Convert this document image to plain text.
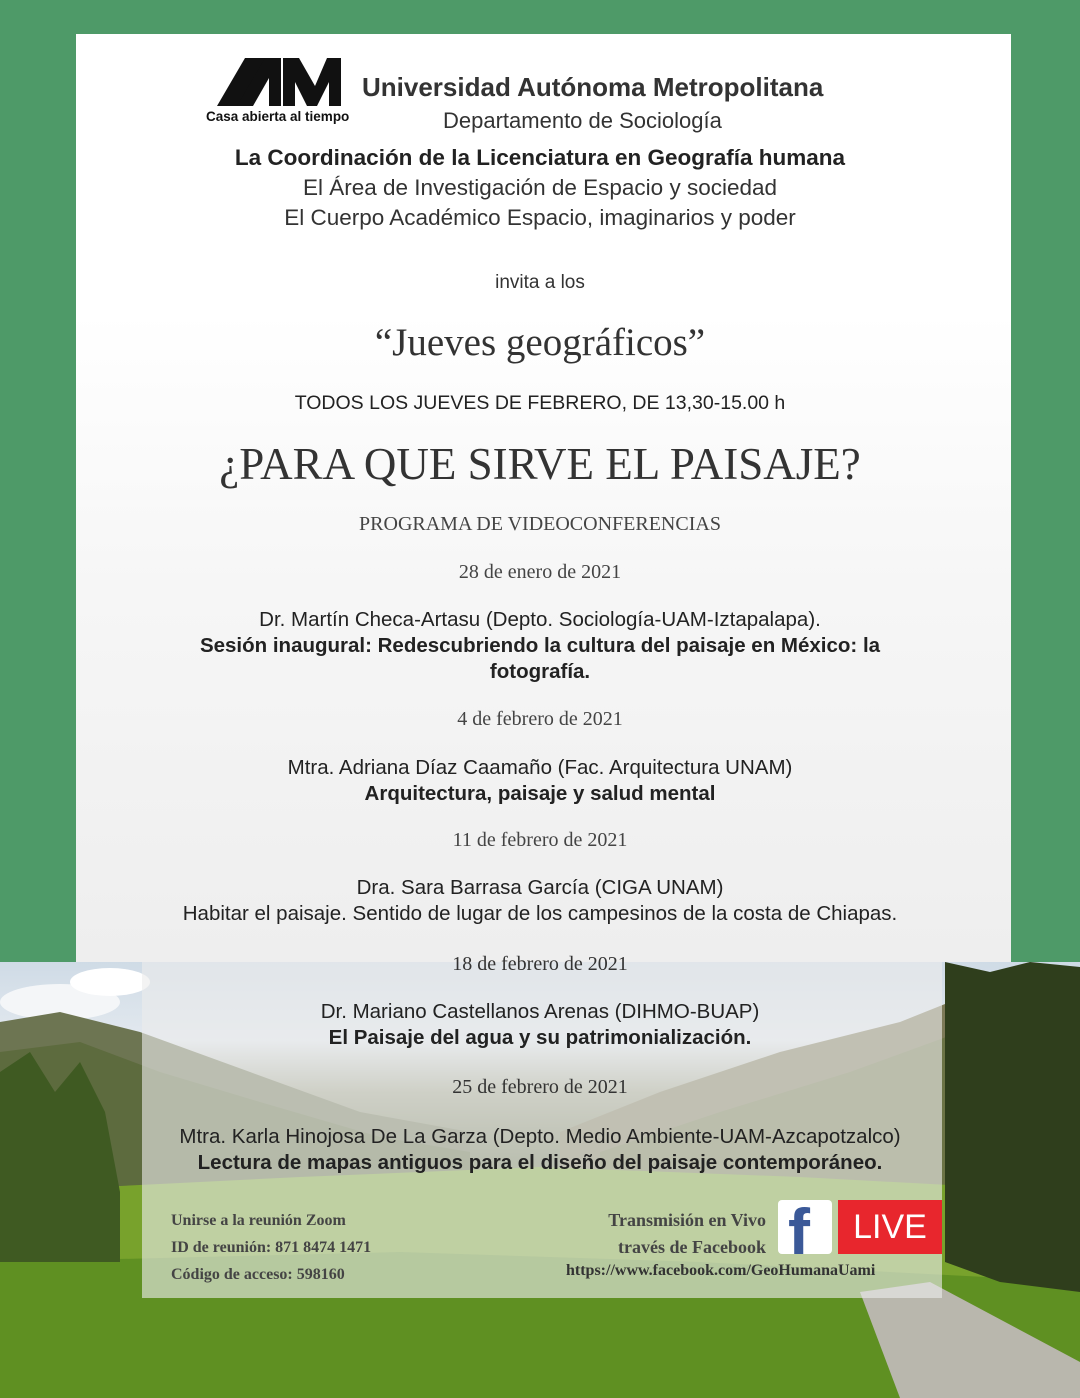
Casa abierta al tiempo
Universidad Autónoma Metropolitana
Departamento de Sociología
La Coordinación de la Licenciatura en Geografía humana
El Área de Investigación de Espacio y sociedad
El Cuerpo Académico Espacio, imaginarios y poder
invita a los
“Jueves geográficos”
TODOS LOS JUEVES DE FEBRERO, DE 13,30-15.00 h
¿PARA QUE SIRVE EL PAISAJE?
PROGRAMA DE VIDEOCONFERENCIAS
28 de enero de 2021
Dr. Martín Checa-Artasu (Depto. Sociología-UAM-Iztapalapa).
Sesión inaugural: Redescubriendo la cultura del paisaje en México: la
fotografía.
4 de febrero de 2021
Mtra. Adriana Díaz Caamaño (Fac. Arquitectura UNAM)
Arquitectura, paisaje y salud mental
11 de febrero de 2021
Dra. Sara Barrasa García (CIGA UNAM)
Habitar el paisaje. Sentido de lugar de los campesinos de la costa de Chiapas.
18 de febrero de 2021
Dr. Mariano Castellanos Arenas (DIHMO-BUAP)
El Paisaje del agua y su patrimonialización.
25 de febrero de 2021
Mtra. Karla Hinojosa De La Garza (Depto. Medio Ambiente-UAM-Azcapotzalco)
Lectura de mapas antiguos para el diseño del paisaje contemporáneo.
Unirse a la reunión Zoom
ID de reunión: 871 8474 1471
Código de acceso: 598160
Transmisión en Vivo
través de Facebook
https://www.facebook.com/GeoHumanaUami
f	LIVE
